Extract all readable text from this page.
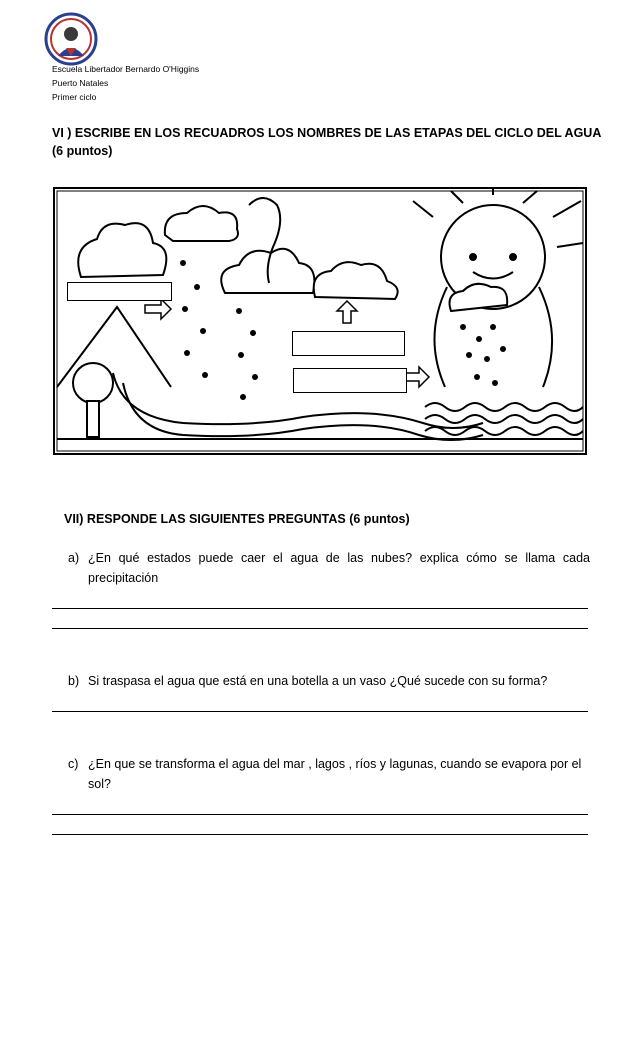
Escuela Libertador Bernardo O'Higgins
Puerto Natales
Primer ciclo
VI ) ESCRIBE EN LOS RECUADROS LOS NOMBRES DE LAS ETAPAS DEL CICLO DEL AGUA (6 puntos)
VII) RESPONDE LAS SIGUIENTES PREGUNTAS (6 puntos)
a) ¿En qué estados puede caer el agua de las nubes? explica cómo se llama cada precipitación
b) Si traspasa el agua que está en una botella a un vaso ¿Qué sucede con su forma?
c) ¿En que se transforma el agua del mar , lagos , ríos y lagunas, cuando se evapora por el sol?
